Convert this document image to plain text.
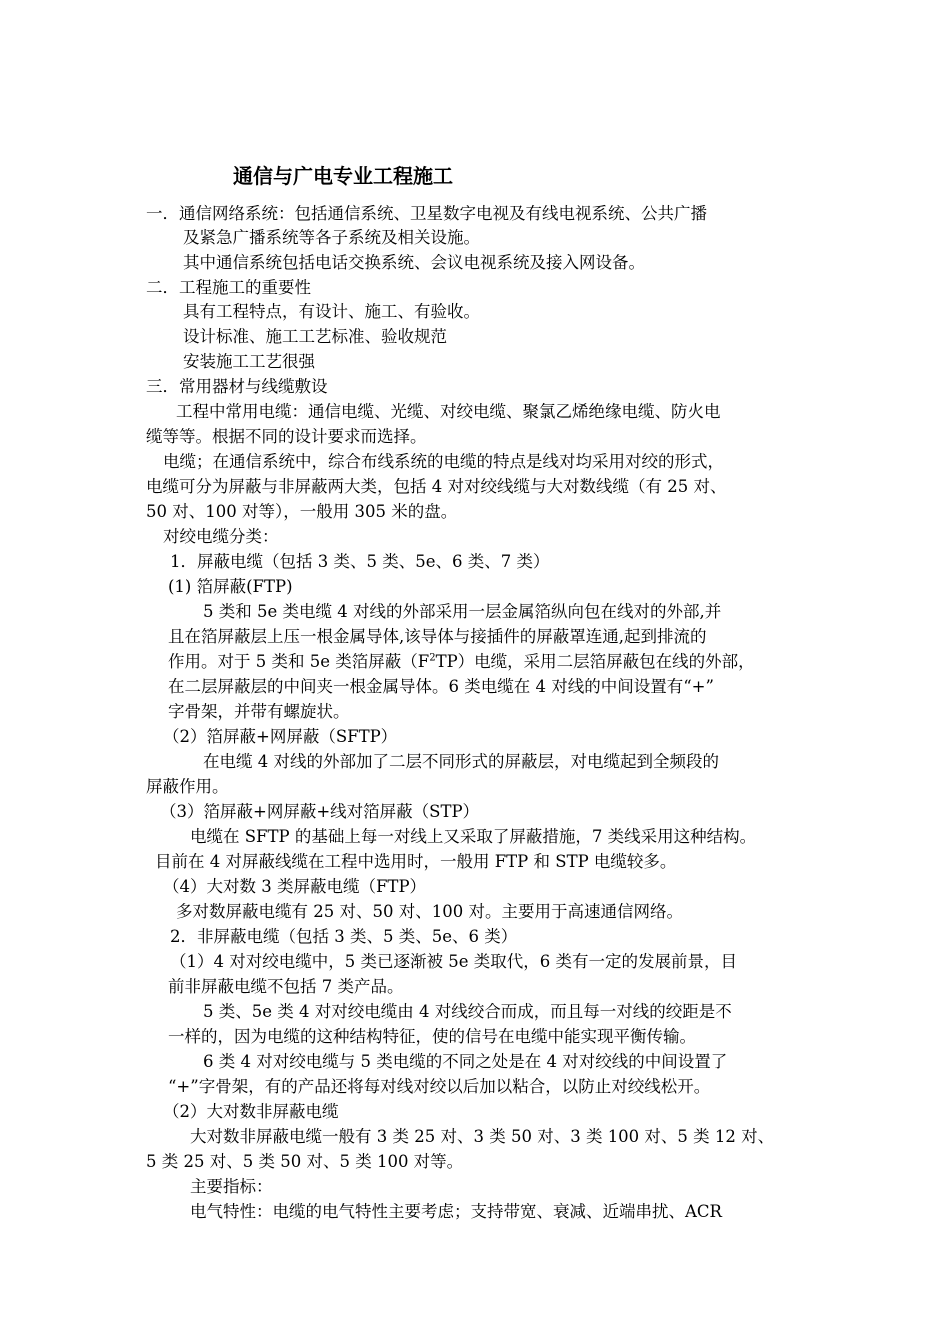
通信与广电专业工程施工
一．通信网络系统：包括通信系统、卫星数字电视及有线电视系统、公共广播
及紧急广播系统等各子系统及相关设施。
其中通信系统包括电话交换系统、会议电视系统及接入网设备。
二．工程施工的重要性
具有工程特点，有设计、施工、有验收。
设计标准、施工工艺标准、验收规范
安装施工工艺很强
三．常用器材与线缆敷设
工程中常用电缆：通信电缆、光缆、对绞电缆、聚氯乙烯绝缘电缆、防火电
缆等等。根据不同的设计要求而选择。
电缆；在通信系统中，综合布线系统的电缆的特点是线对均采用对绞的形式，
电缆可分为屏蔽与非屏蔽两大类，包括 4 对对绞线缆与大对数线缆（有 25 对、
50 对、100 对等），一般用 305 米的盘。
对绞电缆分类：
1．屏蔽电缆（包括 3 类、5 类、5e、6 类、7 类）
(1) 箔屏蔽(FTP)
5 类和 5e 类电缆 4 对线的外部采用一层金属箔纵向包在线对的外部,并
且在箔屏蔽层上压一根金属导体,该导体与接插件的屏蔽罩连通,起到排流的
作用。对于 5 类和 5e 类箔屏蔽$(F^2TP)$电缆，采用二层箔屏蔽包在线的外部，
在二层屏蔽层的中间夹一根金属导体。6 类电缆在 4 对线的中间设置有“+”
字骨架，并带有螺旋状。
（2）箔屏蔽+网屏蔽（SFTP）
在电缆 4 对线的外部加了二层不同形式的屏蔽层，对电缆起到全频段的
屏蔽作用。
（3）箔屏蔽+网屏蔽+线对箔屏蔽（STP）
电缆在 SFTP 的基础上每一对线上又采取了屏蔽措施，7 类线采用这种结构。
目前在 4 对屏蔽线缆在工程中选用时，一般用 FTP 和 STP 电缆较多。
（4）大对数 3 类屏蔽电缆（FTP）
多对数屏蔽电缆有 25 对、50 对、100 对。主要用于高速通信网络。
2．非屏蔽电缆（包括 3 类、5 类、5e、6 类）
（1）4 对对绞电缆中，5 类已逐渐被 5e 类取代，6 类有一定的发展前景，目
前非屏蔽电缆不包括 7 类产品。
5 类、5e 类 4 对对绞电缆由 4 对线绞合而成，而且每一对线的绞距是不
一样的，因为电缆的这种结构特征，使的信号在电缆中能实现平衡传输。
6 类 4 对对绞电缆与 5 类电缆的不同之处是在 4 对对绞线的中间设置了
“+”字骨架，有的产品还将每对线对绞以后加以粘合，以防止对绞线松开。
（2）大对数非屏蔽电缆
大对数非屏蔽电缆一般有 3 类 25 对、3 类 50 对、3 类 100 对、5 类 12 对、
5 类 25 对、5 类 50 对、5 类 100 对等。
主要指标：
电气特性：电缆的电气特性主要考虑；支持带宽、衰减、近端串扰、ACR
